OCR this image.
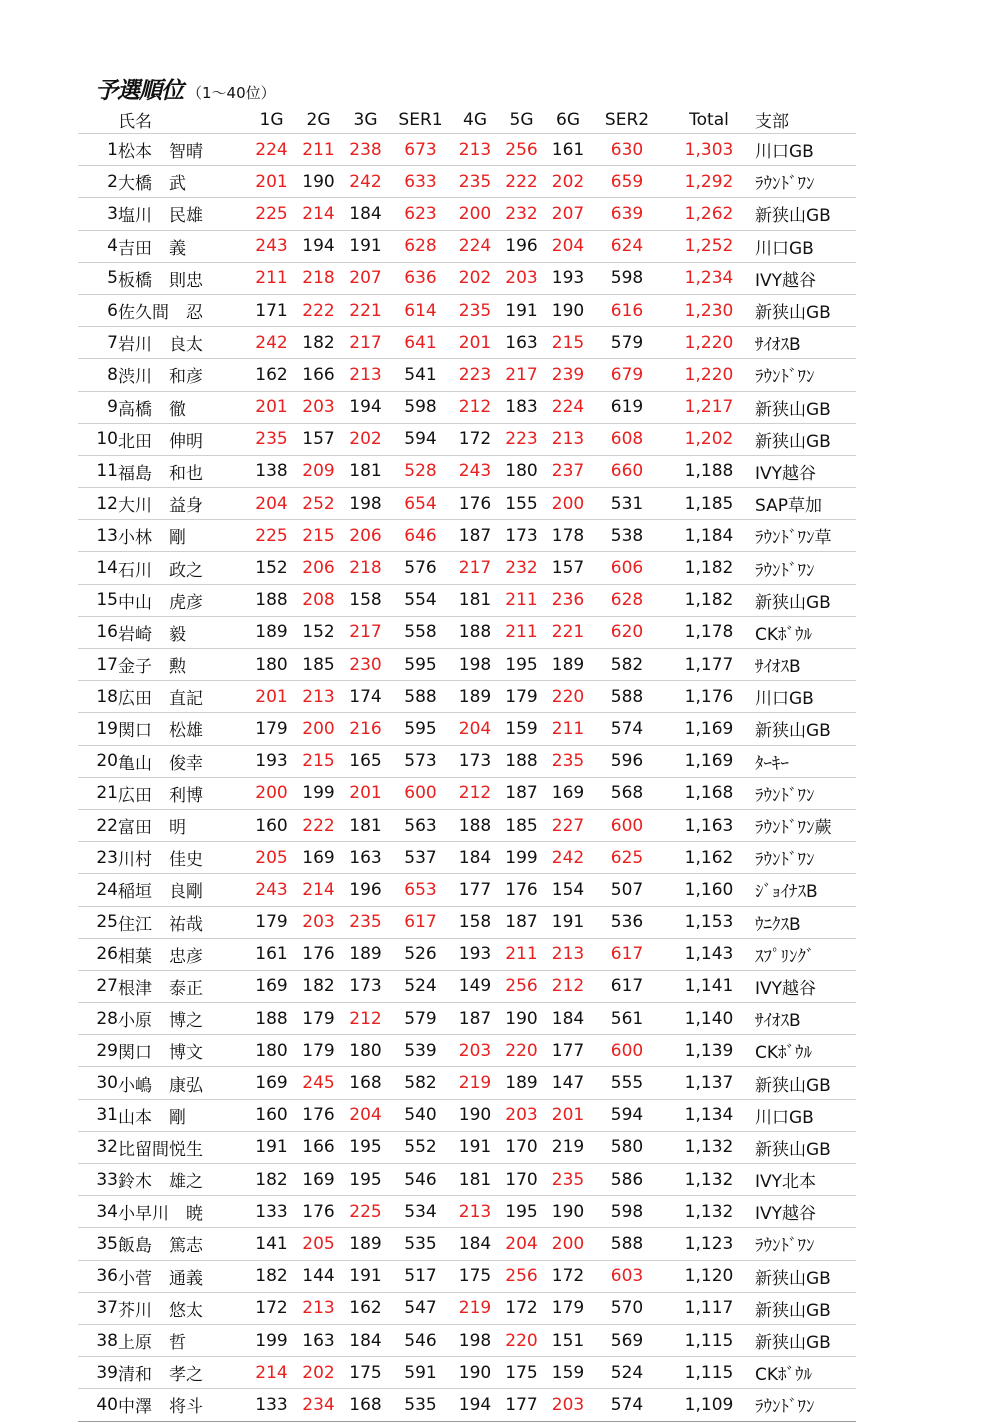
予選順位 （1～40位）
	氏名	1G	2G	3G	SER1	4G	5G	6G	SER2	Total	支部
1	松本　智晴	224	211	238	673	213	256	161	630	1,303	川口GB
2	大橋　武	201	190	242	633	235	222	202	659	1,292	ﾗｳﾝﾄﾞﾜﾝ
3	塩川　民雄	225	214	184	623	200	232	207	639	1,262	新狭山GB
4	吉田　義	243	194	191	628	224	196	204	624	1,252	川口GB
5	板橋　則忠	211	218	207	636	202	203	193	598	1,234	IVY越谷
6	佐久間　忍	171	222	221	614	235	191	190	616	1,230	新狭山GB
7	岩川　良太	242	182	217	641	201	163	215	579	1,220	ｻｲｵｽB
8	渋川　和彦	162	166	213	541	223	217	239	679	1,220	ﾗｳﾝﾄﾞﾜﾝ
9	高橋　徹	201	203	194	598	212	183	224	619	1,217	新狭山GB
10	北田　伸明	235	157	202	594	172	223	213	608	1,202	新狭山GB
11	福島　和也	138	209	181	528	243	180	237	660	1,188	IVY越谷
12	大川　益身	204	252	198	654	176	155	200	531	1,185	SAP草加
13	小林　剛	225	215	206	646	187	173	178	538	1,184	ﾗｳﾝﾄﾞﾜﾝ草
14	石川　政之	152	206	218	576	217	232	157	606	1,182	ﾗｳﾝﾄﾞﾜﾝ
15	中山　虎彦	188	208	158	554	181	211	236	628	1,182	新狭山GB
16	岩崎　毅	189	152	217	558	188	211	221	620	1,178	CKﾎﾞｳﾙ
17	金子　勲	180	185	230	595	198	195	189	582	1,177	ｻｲｵｽB
18	広田　直記	201	213	174	588	189	179	220	588	1,176	川口GB
19	関口　松雄	179	200	216	595	204	159	211	574	1,169	新狭山GB
20	亀山　俊幸	193	215	165	573	173	188	235	596	1,169	ﾀｰｷｰ
21	広田　利博	200	199	201	600	212	187	169	568	1,168	ﾗｳﾝﾄﾞﾜﾝ
22	富田　明	160	222	181	563	188	185	227	600	1,163	ﾗｳﾝﾄﾞﾜﾝ蕨
23	川村　佳史	205	169	163	537	184	199	242	625	1,162	ﾗｳﾝﾄﾞﾜﾝ
24	稲垣　良剛	243	214	196	653	177	176	154	507	1,160	ｼﾞｮｲﾅｽB
25	住江　祐哉	179	203	235	617	158	187	191	536	1,153	ｳﾆｸｽB
26	相葉　忠彦	161	176	189	526	193	211	213	617	1,143	ｽﾌﾟﾘﾝｸﾞ
27	根津　泰正	169	182	173	524	149	256	212	617	1,141	IVY越谷
28	小原　博之	188	179	212	579	187	190	184	561	1,140	ｻｲｵｽB
29	関口　博文	180	179	180	539	203	220	177	600	1,139	CKﾎﾞｳﾙ
30	小嶋　康弘	169	245	168	582	219	189	147	555	1,137	新狭山GB
31	山本　剛	160	176	204	540	190	203	201	594	1,134	川口GB
32	比留間悦生	191	166	195	552	191	170	219	580	1,132	新狭山GB
33	鈴木　雄之	182	169	195	546	181	170	235	586	1,132	IVY北本
34	小早川　暁	133	176	225	534	213	195	190	598	1,132	IVY越谷
35	飯島　篤志	141	205	189	535	184	204	200	588	1,123	ﾗｳﾝﾄﾞﾜﾝ
36	小菅　通義	182	144	191	517	175	256	172	603	1,120	新狭山GB
37	芥川　悠太	172	213	162	547	219	172	179	570	1,117	新狭山GB
38	上原　哲	199	163	184	546	198	220	151	569	1,115	新狭山GB
39	清和　孝之	214	202	175	591	190	175	159	524	1,115	CKﾎﾞｳﾙ
40	中澤　将斗	133	234	168	535	194	177	203	574	1,109	ﾗｳﾝﾄﾞﾜﾝ
